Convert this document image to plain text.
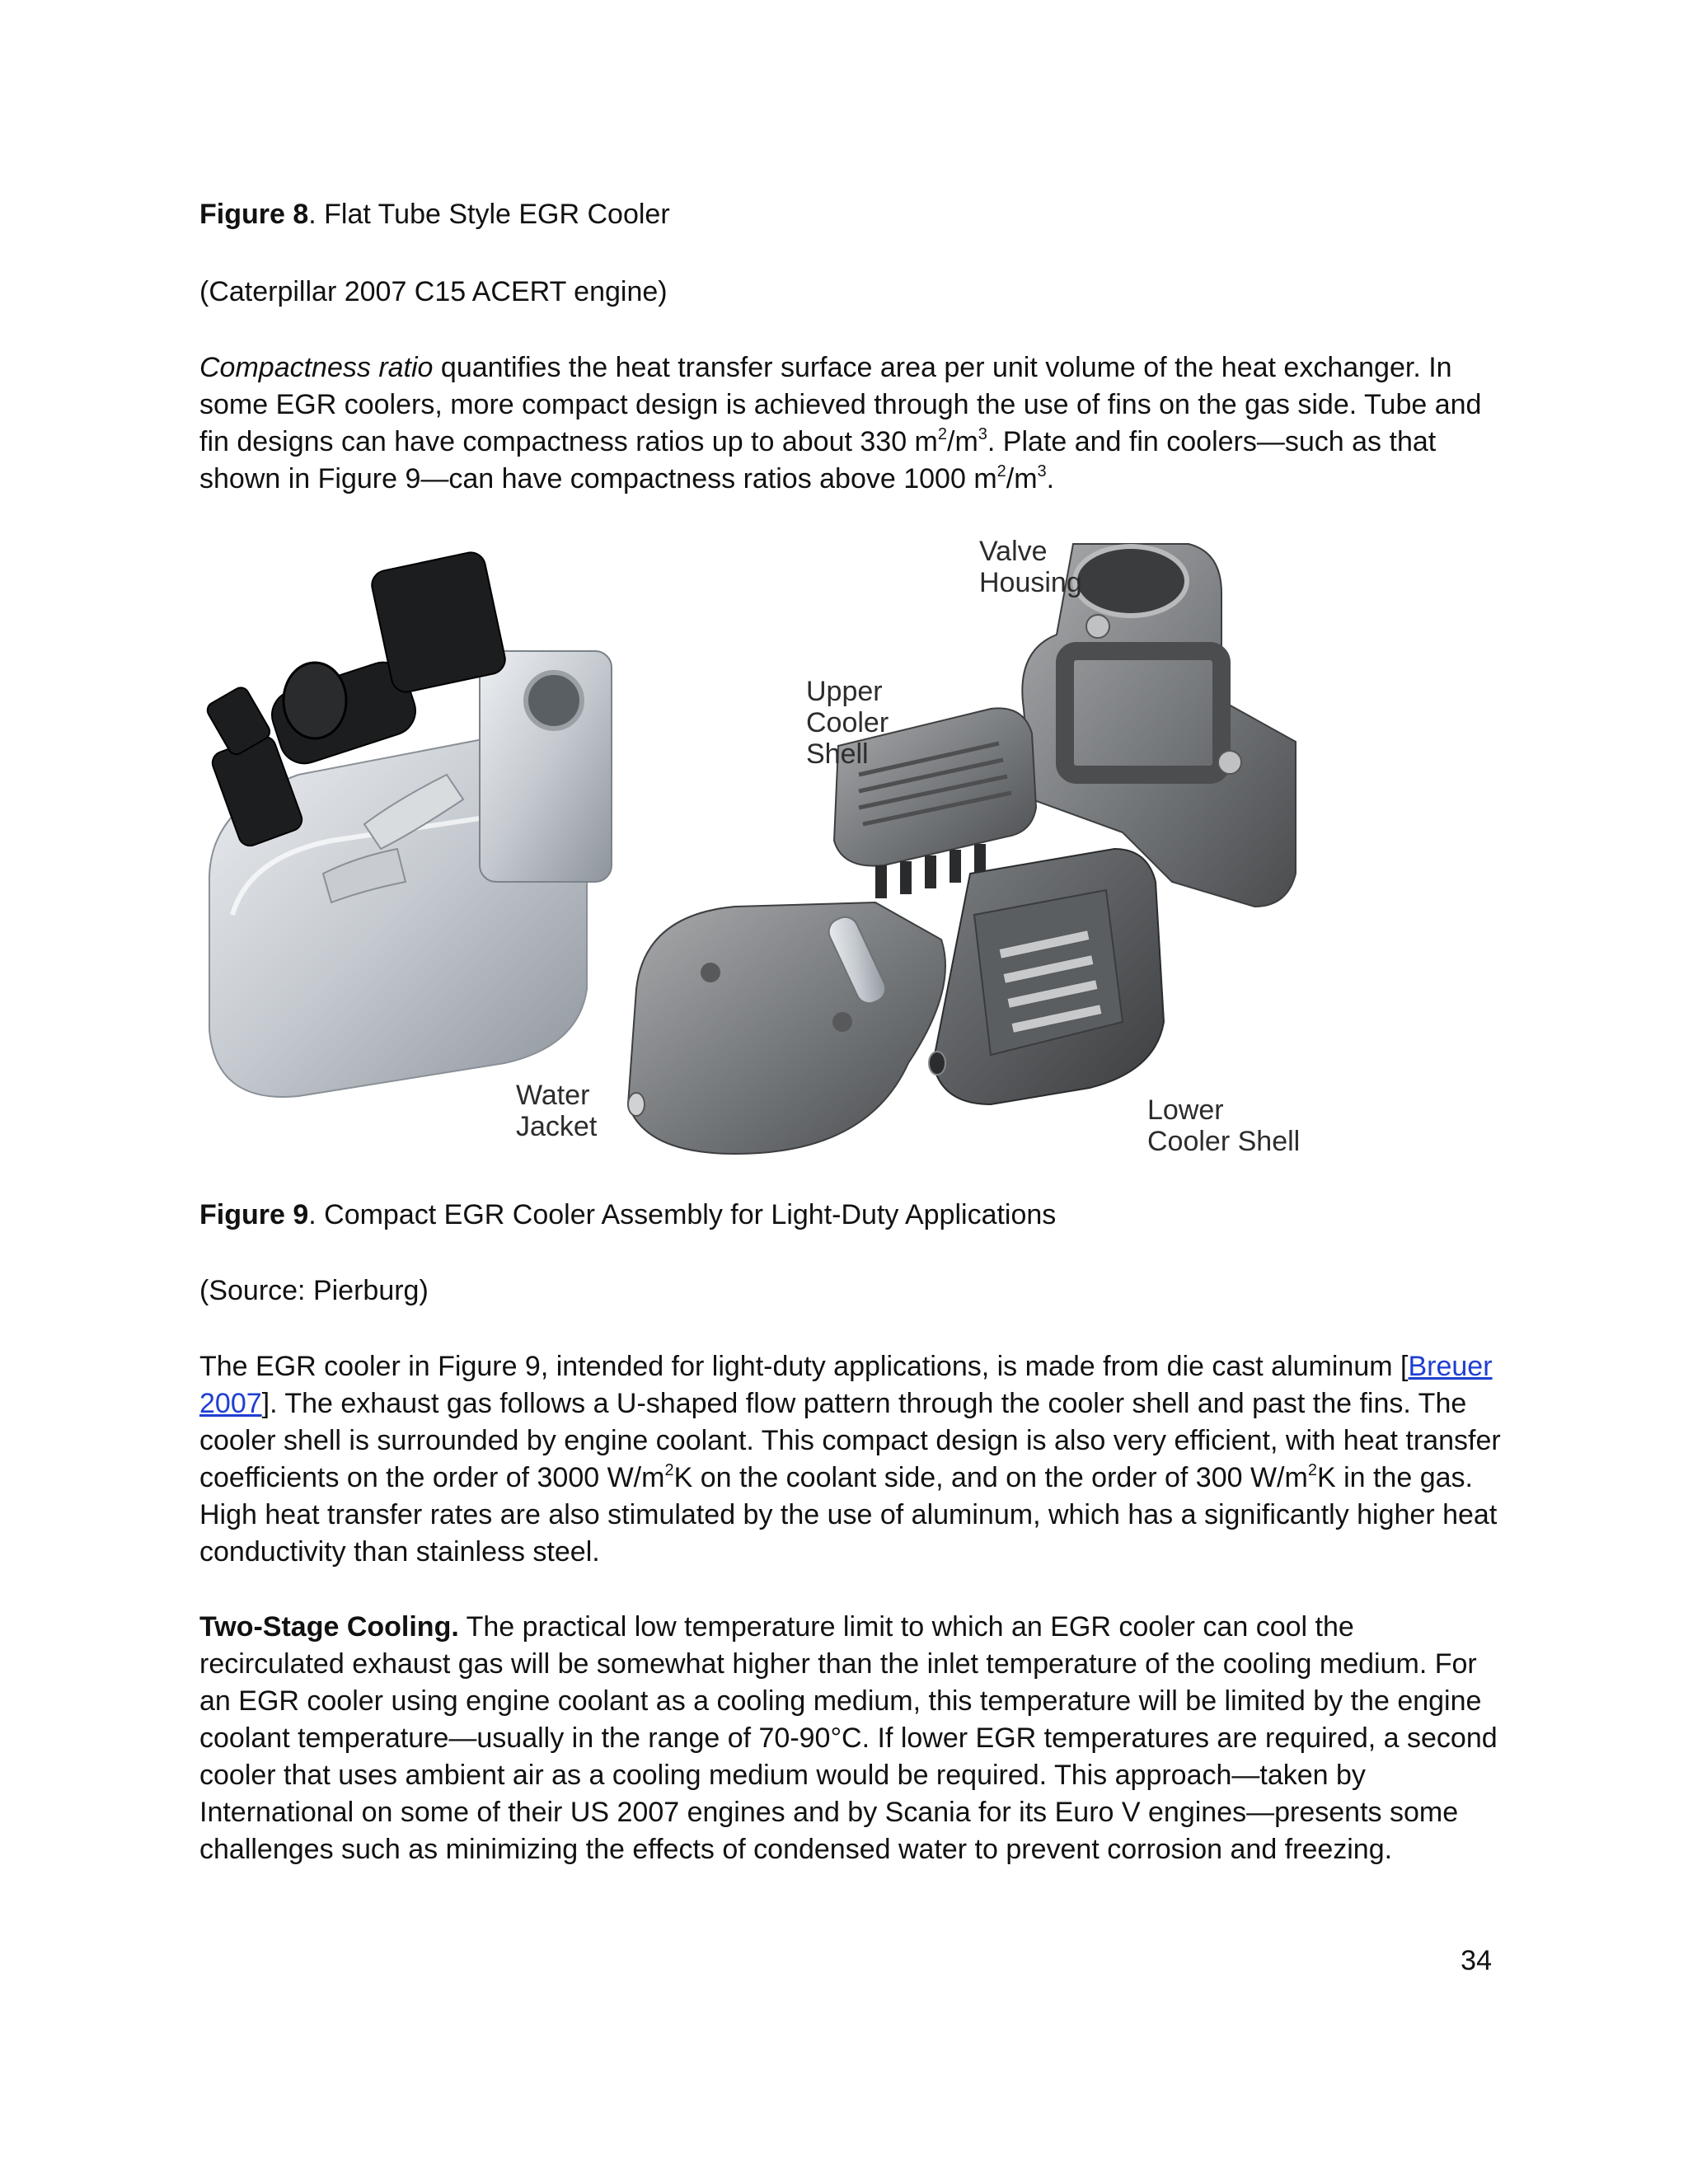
Figure 8. Flat Tube Style EGR Cooler

(Caterpillar 2007 C15 ACERT engine)

Compactness ratio quantifies the heat transfer surface area per unit volume of the heat exchanger. In some EGR coolers, more compact design is achieved through the use of fins on the gas side. Tube and fin designs can have compactness ratios up to about 330 $m^2/m^3$. Plate and fin coolers—such as that shown in Figure 9—can have compactness ratios above 1000 $m^2/m^3$.

Figure 9. Compact EGR Cooler Assembly for Light-Duty Applications

(Source: Pierburg)

The EGR cooler in Figure 9, intended for light-duty applications, is made from die cast aluminum [Breuer 2007]. The exhaust gas follows a U-shaped flow pattern through the cooler shell and past the fins. The cooler shell is surrounded by engine coolant. This compact design is also very efficient, with heat transfer coefficients on the order of 3000 $W/m^2K$ on the coolant side, and on the order of 300 $W/m^2K$ in the gas. High heat transfer rates are also stimulated by the use of aluminum, which has a significantly higher heat conductivity than stainless steel.

Two-Stage Cooling. The practical low temperature limit to which an EGR cooler can cool the recirculated exhaust gas will be somewhat higher than the inlet temperature of the cooling medium. For an EGR cooler using engine coolant as a cooling medium, this temperature will be limited by the engine coolant temperature—usually in the range of 70-90°C. If lower EGR temperatures are required, a second cooler that uses ambient air as a cooling medium would be required. This approach—taken by International on some of their US 2007 engines and by Scania for its Euro V engines—presents some challenges such as minimizing the effects of condensed water to prevent corrosion and freezing.

Valve
Housing
Upper
Cooler
Shell
Water
Jacket
Lower
Cooler Shell
34
